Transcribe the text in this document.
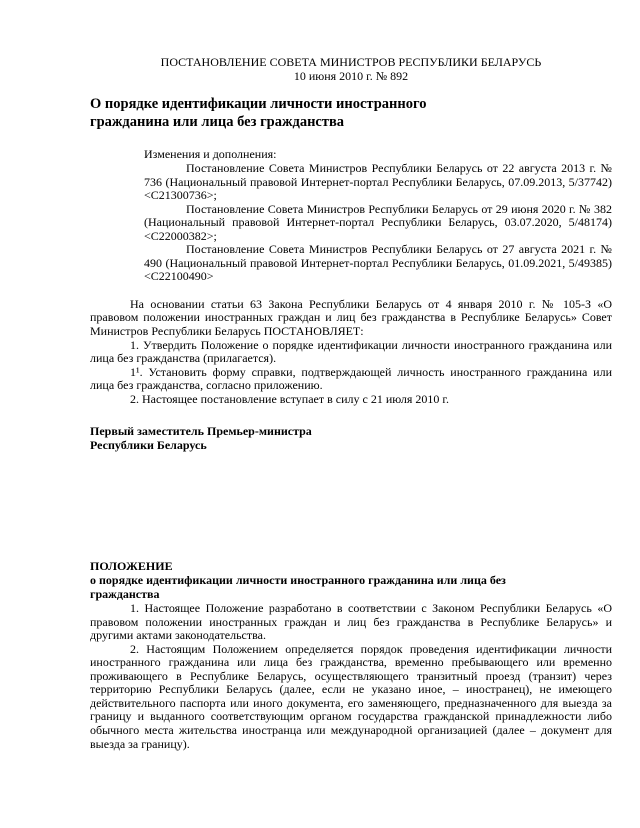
ПОСТАНОВЛЕНИЕ СОВЕТА МИНИСТРОВ РЕСПУБЛИКИ БЕЛАРУСЬ
10 июня 2010 г. № 892
О порядке идентификации личности иностранного гражданина или лица без гражданства
Изменения и дополнения:

Постановление Совета Министров Республики Беларусь от 22 августа 2013 г. № 736 (Национальный правовой Интернет-портал Республики Беларусь, 07.09.2013, 5/37742) <C21300736>;

Постановление Совета Министров Республики Беларусь от 29 июня 2020 г. № 382 (Национальный правовой Интернет-портал Республики Беларусь, 03.07.2020, 5/48174) <C22000382>;

Постановление Совета Министров Республики Беларусь от 27 августа 2021 г. № 490 (Национальный правовой Интернет-портал Республики Беларусь, 01.09.2021, 5/49385) <C22100490>

На основании статьи 63 Закона Республики Беларусь от 4 января 2010 г. № 105-З «О правовом положении иностранных граждан и лиц без гражданства в Республике Беларусь» Совет Министров Республики Беларусь ПОСТАНОВЛЯЕТ:

1. Утвердить Положение о порядке идентификации личности иностранного гражданина или лица без гражданства (прилагается).

1¹. Установить форму справки, подтверждающей личность иностранного гражданина или лица без гражданства, согласно приложению.

2. Настоящее постановление вступает в силу с 21 июля 2010 г.

Первый заместитель Премьер-министра
Республики Беларусь
ПОЛОЖЕНИЕ
о порядке идентификации личности иностранного гражданина или лица без гражданства

1. Настоящее Положение разработано в соответствии с Законом Республики Беларусь «О правовом положении иностранных граждан и лиц без гражданства в Республике Беларусь» и другими актами законодательства.

2. Настоящим Положением определяется порядок проведения идентификации личности иностранного гражданина или лица без гражданства, временно пребывающего или временно проживающего в Республике Беларусь, осуществляющего транзитный проезд (транзит) через территорию Республики Беларусь (далее, если не указано иное, – иностранец), не имеющего действительного паспорта или иного документа, его заменяющего, предназначенного для выезда за границу и выданного соответствующим органом государства гражданской принадлежности либо обычного места жительства иностранца или международной организацией (далее – документ для выезда за границу).
